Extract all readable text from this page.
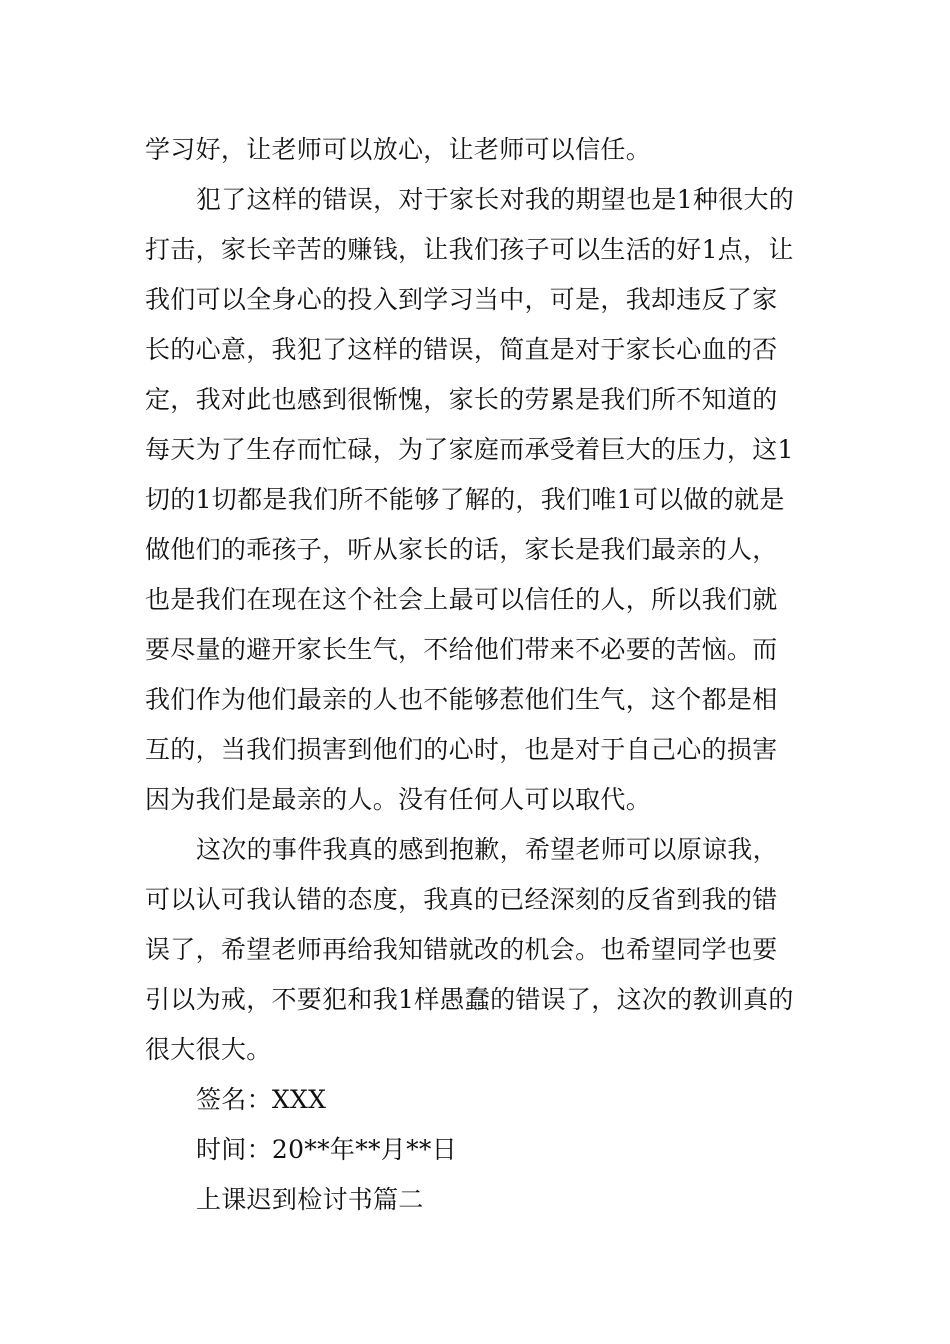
学习好，让老师可以放心，让老师可以信任。
犯了这样的错误，对于家长对我的期望也是1种很大的
打击，家长辛苦的赚钱，让我们孩子可以生活的好1点，让
我们可以全身心的投入到学习当中，可是，我却违反了家
长的心意，我犯了这样的错误，简直是对于家长心血的否
定，我对此也感到很惭愧，家长的劳累是我们所不知道的
每天为了生存而忙碌，为了家庭而承受着巨大的压力，这1
切的1切都是我们所不能够了解的，我们唯1可以做的就是
做他们的乖孩子，听从家长的话，家长是我们最亲的人，
也是我们在现在这个社会上最可以信任的人，所以我们就
要尽量的避开家长生气，不给他们带来不必要的苦恼。而
我们作为他们最亲的人也不能够惹他们生气，这个都是相
互的，当我们损害到他们的心时，也是对于自己心的损害
因为我们是最亲的人。没有任何人可以取代。
这次的事件我真的感到抱歉，希望老师可以原谅我，
可以认可我认错的态度，我真的已经深刻的反省到我的错
误了，希望老师再给我知错就改的机会。也希望同学也要
引以为戒，不要犯和我1样愚蠢的错误了，这次的教训真的
很大很大。
签名：XXX
时间：20**年**月**日
上课迟到检讨书篇二
